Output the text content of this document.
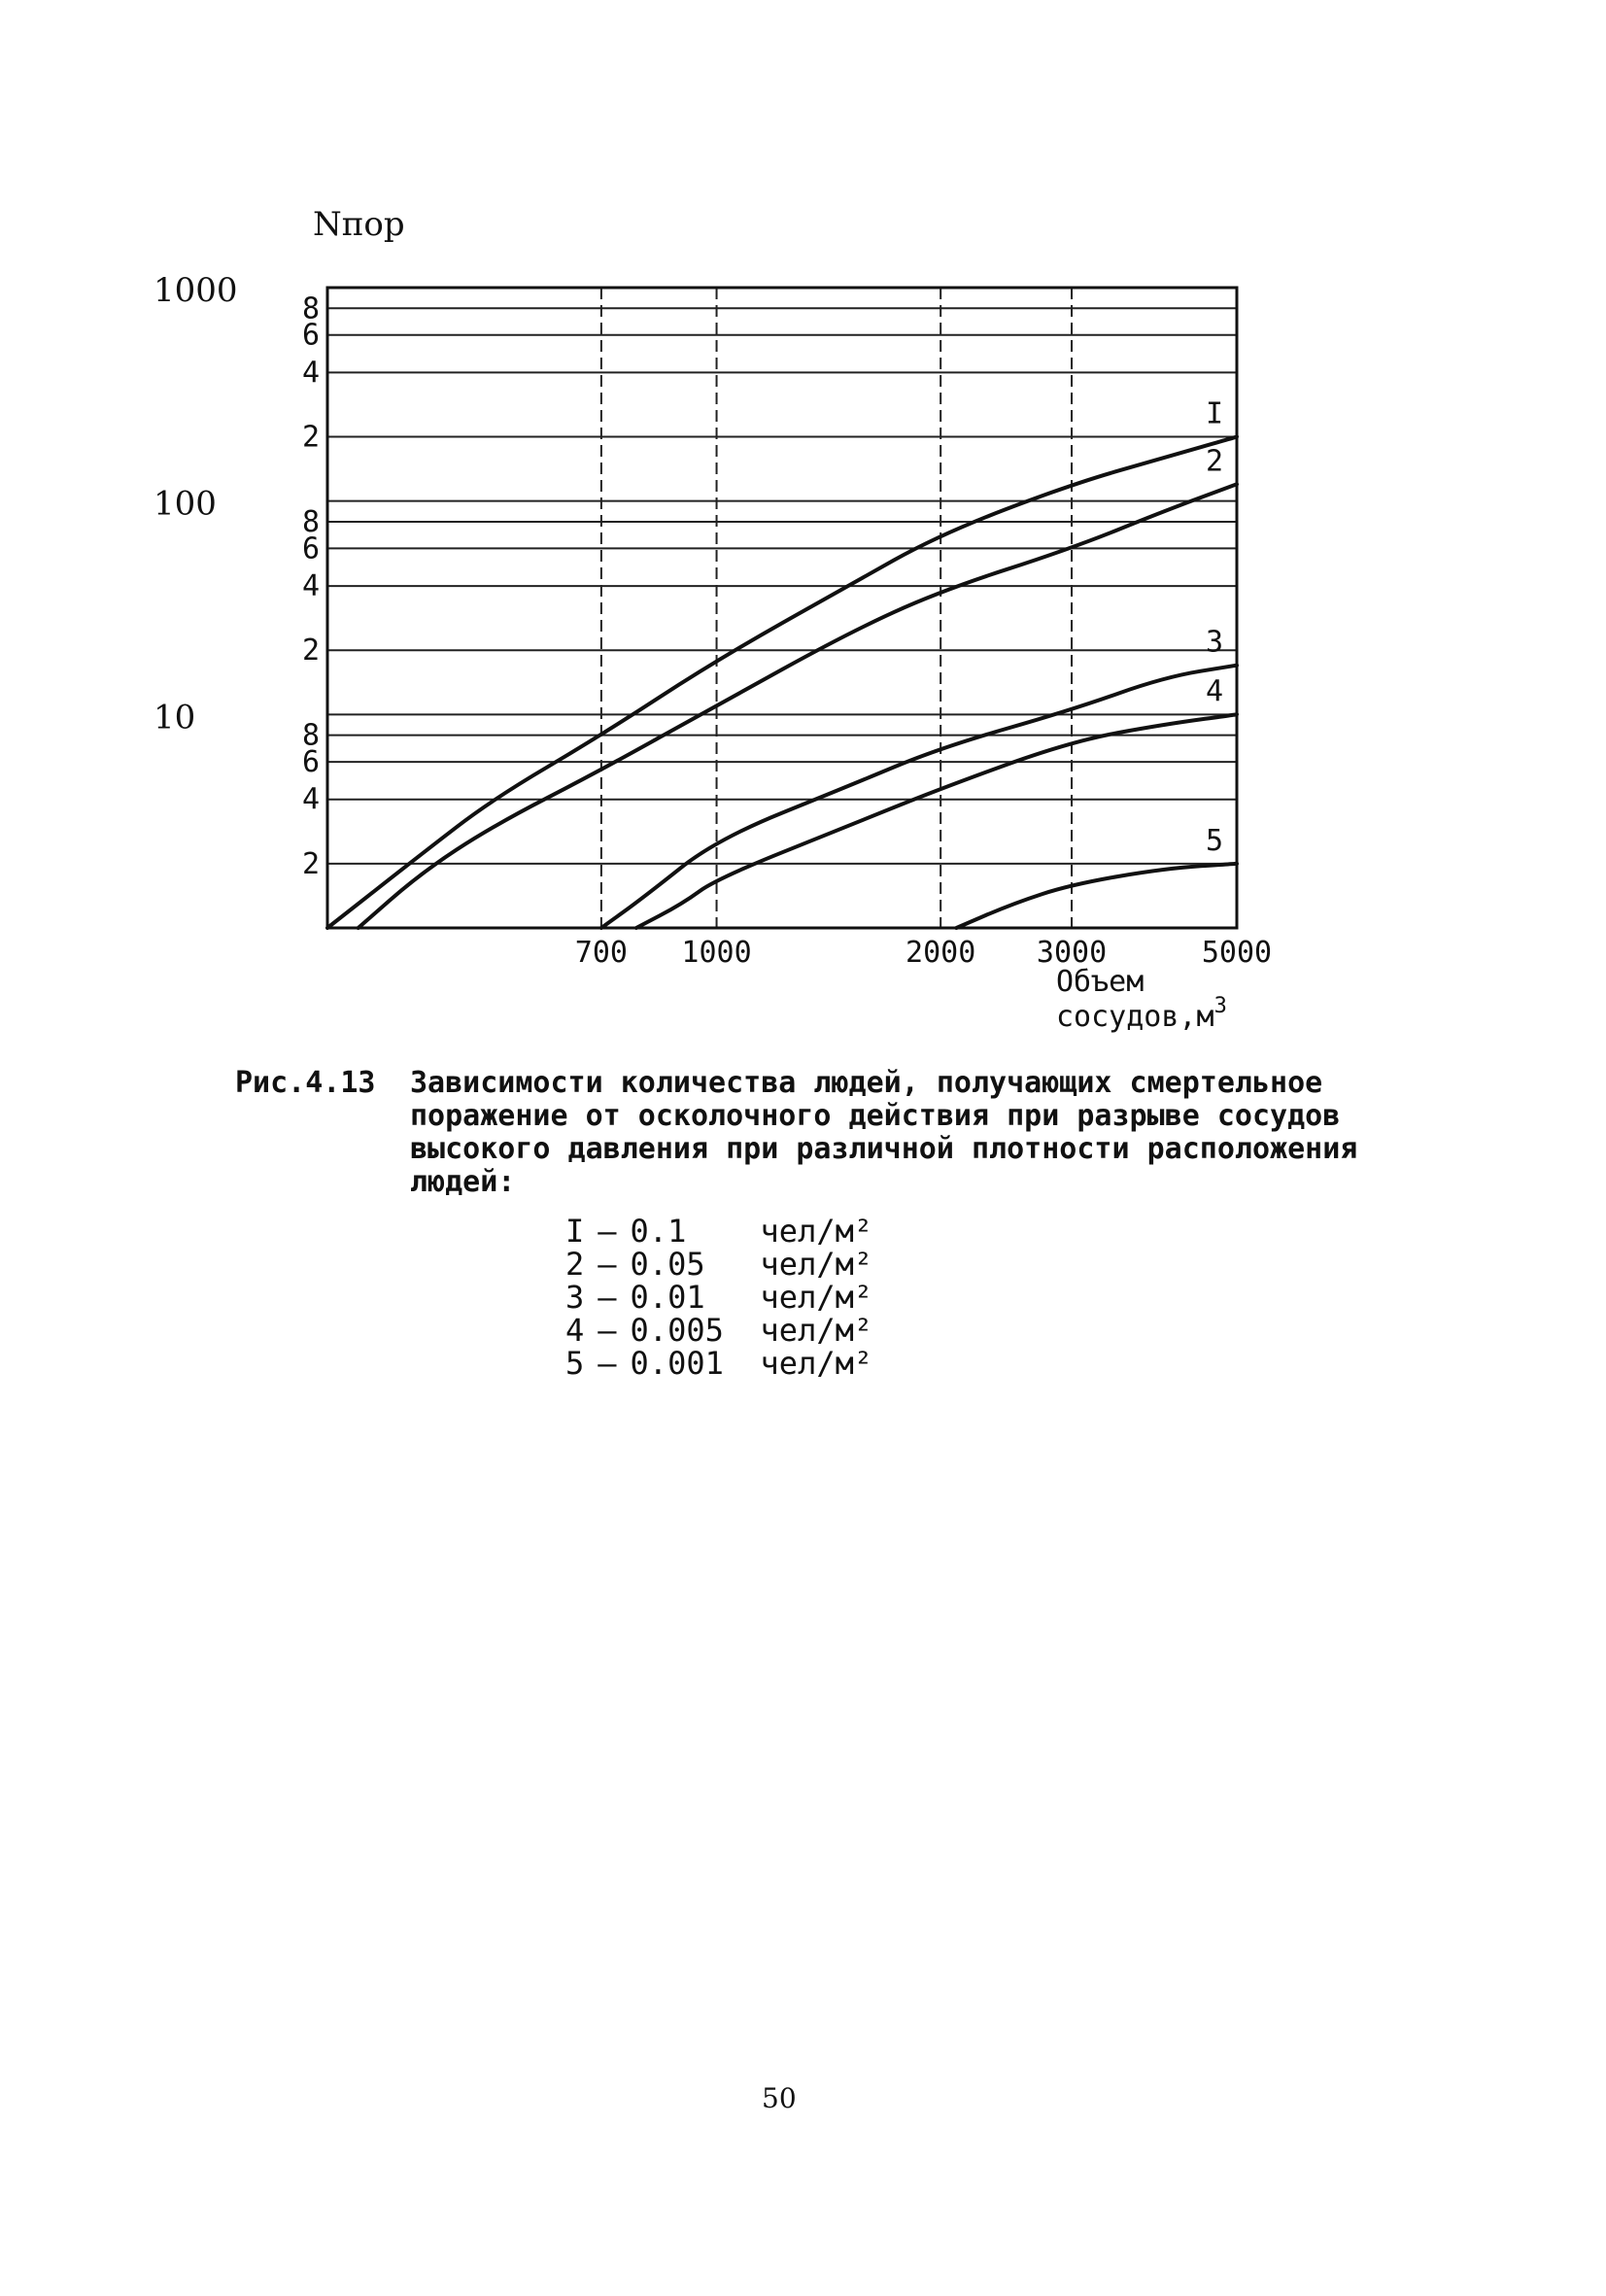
8
6
4
2
8
6
4
2
8
6
4
2
1000
100
10
700 1000	2000 3000	5000
I
2
3
4
5
Nпор
Объем
$сосудов,м^3$
Рис.4.13	Зависимости количества людей, получающих смертельное поражение от осколочного действия при разрыве сосудов высокого давления при различной плотности расположения людей:
I – 0.1	чел/м²
2 – 0.05	чел/м²
3 – 0.01	чел/м²
4 – 0.005	чел/м²
5 – 0.001	чел/м²
50
